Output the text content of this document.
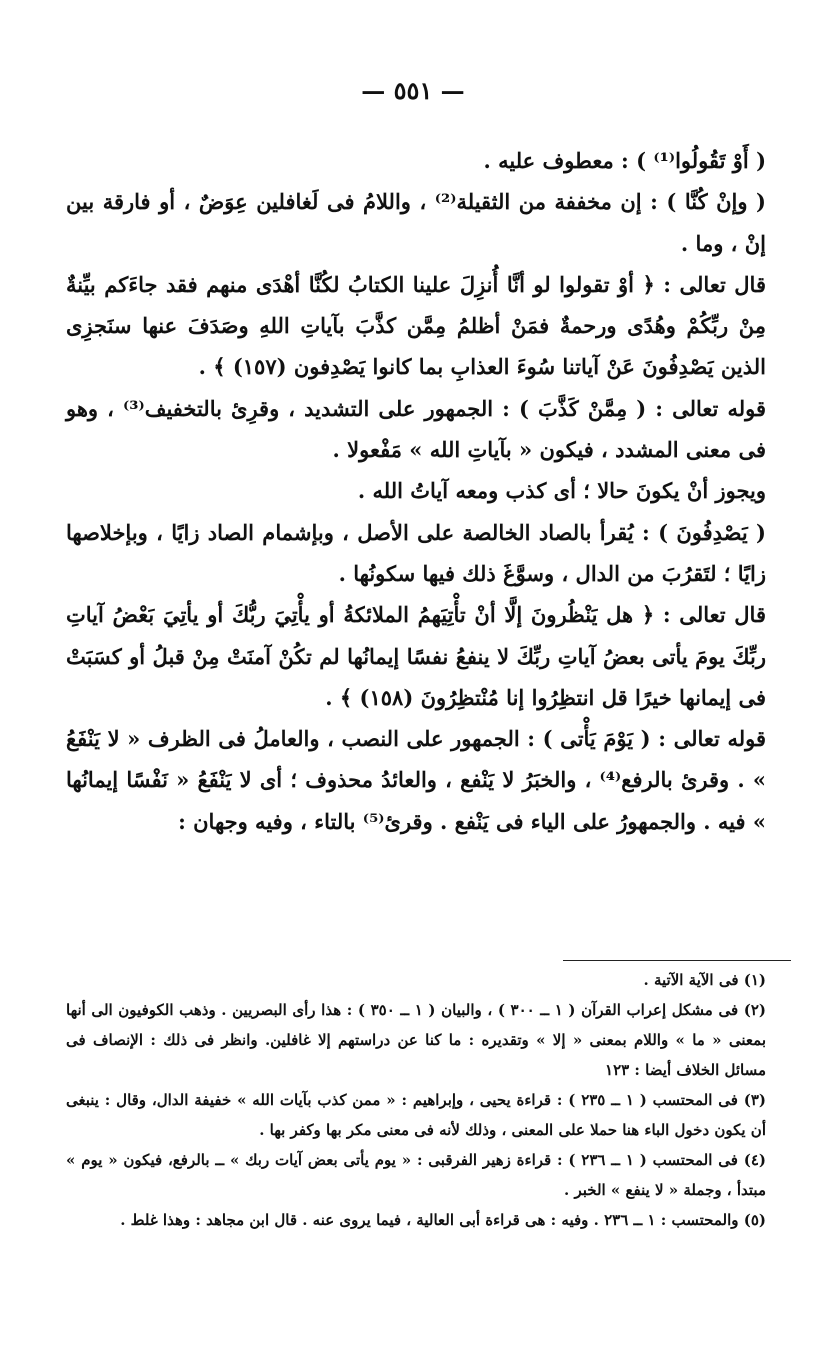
— ٥٥١ —

( أَوْ تَقُولُوا⁽¹⁾ ) : معطوف عليه .

( وإنْ كُنَّا ) : إن مخففة من الثقيلة⁽²⁾ ، واللامُ فى لَغافلين عِوَضٌ ، أو فارقة بين إنْ ، وما .

قال تعالى : ﴿ أوْ تقولوا لو أنَّا أُنزِلَ علينا الكتابُ لكُنَّا أهْدَى منهم فقد جاءَكم بيِّنةٌ مِنْ ربِّكُمْ وهُدًى ورحمةٌ فمَنْ أظلمُ مِمَّن كذَّبَ بآياتِ اللهِ وصَدَفَ عنها سنَجزِى الذين يَصْدِفُونَ عَنْ آياتنا سُوءَ العذابِ بما كانوا يَصْدِفون (١٥٧) ﴾ .

قوله تعالى : ( مِمَّنْ كَذَّبَ ) : الجمهور على التشديد ، وقرِئ بالتخفيف⁽³⁾ ، وهو فى معنى المشدد ، فيكون « بآياتِ الله » مَفْعولا .

ويجوز أنْ يكونَ حالا ؛ أى كذب ومعه آياتُ الله .

( يَصْدِفُونَ ) : يُقرأ بالصاد الخالصة على الأصل ، وبإشمام الصاد زايًا ، وبإخلاصها زايًا ؛ لتَقرُبَ من الدال ، وسوَّغَ ذلك فيها سكونُها .

قال تعالى : ﴿ هل يَنْظُرونَ إلَّا أنْ تأْتِيَهمُ الملائكةُ أو يأْتِيَ ربُّكَ أو يأتِيَ بَعْضُ آياتِ ربِّكَ يومَ يأتى بعضُ آياتِ ربِّكَ لا ينفعُ نفسًا إيمانُها لم تكُنْ آمنَتْ مِنْ قبلُ أو كسَبَتْ فى إيمانها خيرًا قل انتظِرُوا إنا مُنْتظِرُونَ (١٥٨) ﴾ .

قوله تعالى : ( يَوْمَ يَأْتى ) : الجمهور على النصب ، والعاملُ فى الظرف « لا يَنْفَعُ » . وقرئ بالرفع⁽⁴⁾ ، والخبَرُ لا يَنْفع ، والعائدُ محذوف ؛ أى لا يَنْفَعُ « نَفْسًا إيمانُها » فيه . والجمهورُ على الياء فى يَنْفع . وقرئ⁽⁵⁾ بالتاء ، وفيه وجهان :

(١) فى الآية الآتية .

(٢) فى مشكل إعراب القرآن ( ١ ــ ٣٠٠ ) ، والبيان ( ١ ــ ٣٥٠ ) : هذا رأى البصريين . وذهب الكوفيون الى أنها بمعنى « ما » واللام بمعنى « إلا » وتقديره : ما كنا عن دراستهم إلا غافلين. وانظر فى ذلك : الإنصاف فى مسائل الخلاف أيضا : ١٢٣

(٣) فى المحتسب ( ١ ــ ٢٣٥ ) : قراءة يحيى ، وإبراهيم : « ممن كذب بآيات الله » خفيفة الدال، وقال : ينبغى أن يكون دخول الباء هنا حملا على المعنى ، وذلك لأنه فى معنى مكر بها وكفر بها .

(٤) فى المحتسب ( ١ ــ ٢٣٦ ) : قراءة زهير الفرقبى : « يوم يأتى بعض آيات ربك » ــ بالرفع، فيكون « يوم » مبتدأ ، وجملة « لا ينفع » الخبر .

(٥) والمحتسب : ١ ــ ٢٣٦ . وفيه : هى قراءة أبى العالية ، فيما يروى عنه . قال ابن مجاهد : وهذا غلط .
